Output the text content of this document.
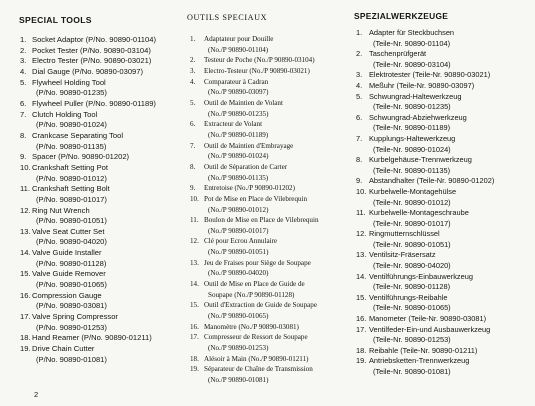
SPECIAL TOOLS
1. Socket Adaptor (P/No. 90890-01104)
2. Pocket Tester (P/No. 90890-03104)
3. Electro Tester (P/No. 90890-03021)
4. Dial Gauge (P/No. 90890-03097)
5. Flywheel Holding Tool
(P/No. 90890-01235)
6. Flywheel Puller (P/No. 90890-01189)
7. Clutch Holding Tool
(P/No. 90890-01024)
8. Crankcase Separating Tool
(P/No. 90890-01135)
9. Spacer (P/No. 90890-01202)
10. Crankshaft Setting Pot
(P/No. 90890-01012)
11. Crankshaft Setting Bolt
(P/No. 90890-01017)
12. Ring Nut Wrench
(P/No. 90890-01051)
13. Valve Seat Cutter Set
(P/No. 90890-04020)
14. Valve Guide Installer
(P/No. 90890-01128)
15. Valve Guide Remover
(P/No. 90890-01065)
16. Compression Gauge
(P/No. 90890-03081)
17. Valve Spring Compressor
(P/No. 90890-01253)
18. Hand Reamer (P/No. 90890-01211)
19. Drive Chain Cutter
(P/No. 90890-01081)
OUTILS SPECIAUX
1. Adaptateur pour Douille
(No./P 90890-01104)
2. Testeur de Poche (No./P 90890-03104)
3. Electro-Testeur (No./P 90890-03021)
4. Comparateur à Cadran
(No./P 90890-03097)
5. Outil de Maintien de Volant
(No./P 90890-01235)
6. Extracteur de Volant
(No./P 90890-01189)
7. Outil de Maintien d'Embrayage
(No./P 90890-01024)
8. Outil de Séparation de Carter
(No./P 90890-01135)
9. Entretoise (No./P 90890-01202)
10. Pot de Mise en Place de Vilebrequin
(No./P 90890-01012)
11. Boulon de Mise en Place de Vilebrequin
(No./P 90890-01017)
12. Clé pour Ecrou Annulaire
(No./P 90890-01051)
13. Jeu de Fraises pour Siège de Soupape
(No./P 90890-04020)
14. Outil de Mise en Place de Guide de
Soupape (No./P 90890-01128)
15. Outil d'Extraction de Guide de Soupape
(No./P 90890-01065)
16. Manomètre (No./P 90890-03081)
17. Compresseur de Ressort de Soupape
(No./P 90890-01253)
18. Alésoir à Main (No./P 90890-01211)
19. Séparateur de Chaîne de Transmission
(No./P 90890-01081)
SPEZIALWERKZEUGE
1. Adapter für Steckbuchsen
(Teile-Nr. 90890-01104)
2. Taschenprüfgerät
(Teile-Nr. 90890-03104)
3. Elektrotester (Teile-Nr. 90890-03021)
4. Meßuhr (Teile-Nr. 90890-03097)
5. Schwungrad-Haltewerkzeug
(Teile-Nr. 90890-01235)
6. Schwungrad-Abziehwerkzeug
(Teile-Nr. 90890-01189)
7. Kupplungs-Haltewerkzeug
(Teile-Nr. 90890-01024)
8. Kurbelgehäuse-Trennwerkzeug
(Teile-Nr. 90890-01135)
9. Abstandhalter (Teile-Nr. 90890-01202)
10. Kurbelwelle-Montagehülse
(Teile-Nr. 90890-01012)
11. Kurbelwelle-Montageschraube
(Teile-Nr. 90890-01017)
12. Ringmutternschlüssel
(Teile-Nr. 90890-01051)
13. Ventilsitz-Fräsersatz
(Teile-Nr. 90890-04020)
14. Ventilführungs-Einbauwerkzeug
(Teile-Nr. 90890-01128)
15. Ventilführungs-Reibahle
(Teile-Nr. 90890-01065)
16. Manometer (Teile-Nr. 90890-03081)
17. Ventilfeder-Ein-und Ausbauwerkzeug
(Teile-Nr. 90890-01253)
18. Reibahle (Teile-Nr. 90890-01211)
19. Antriebsketten-Trennwerkzeug
(Teile-Nr. 90890-01081)
2
